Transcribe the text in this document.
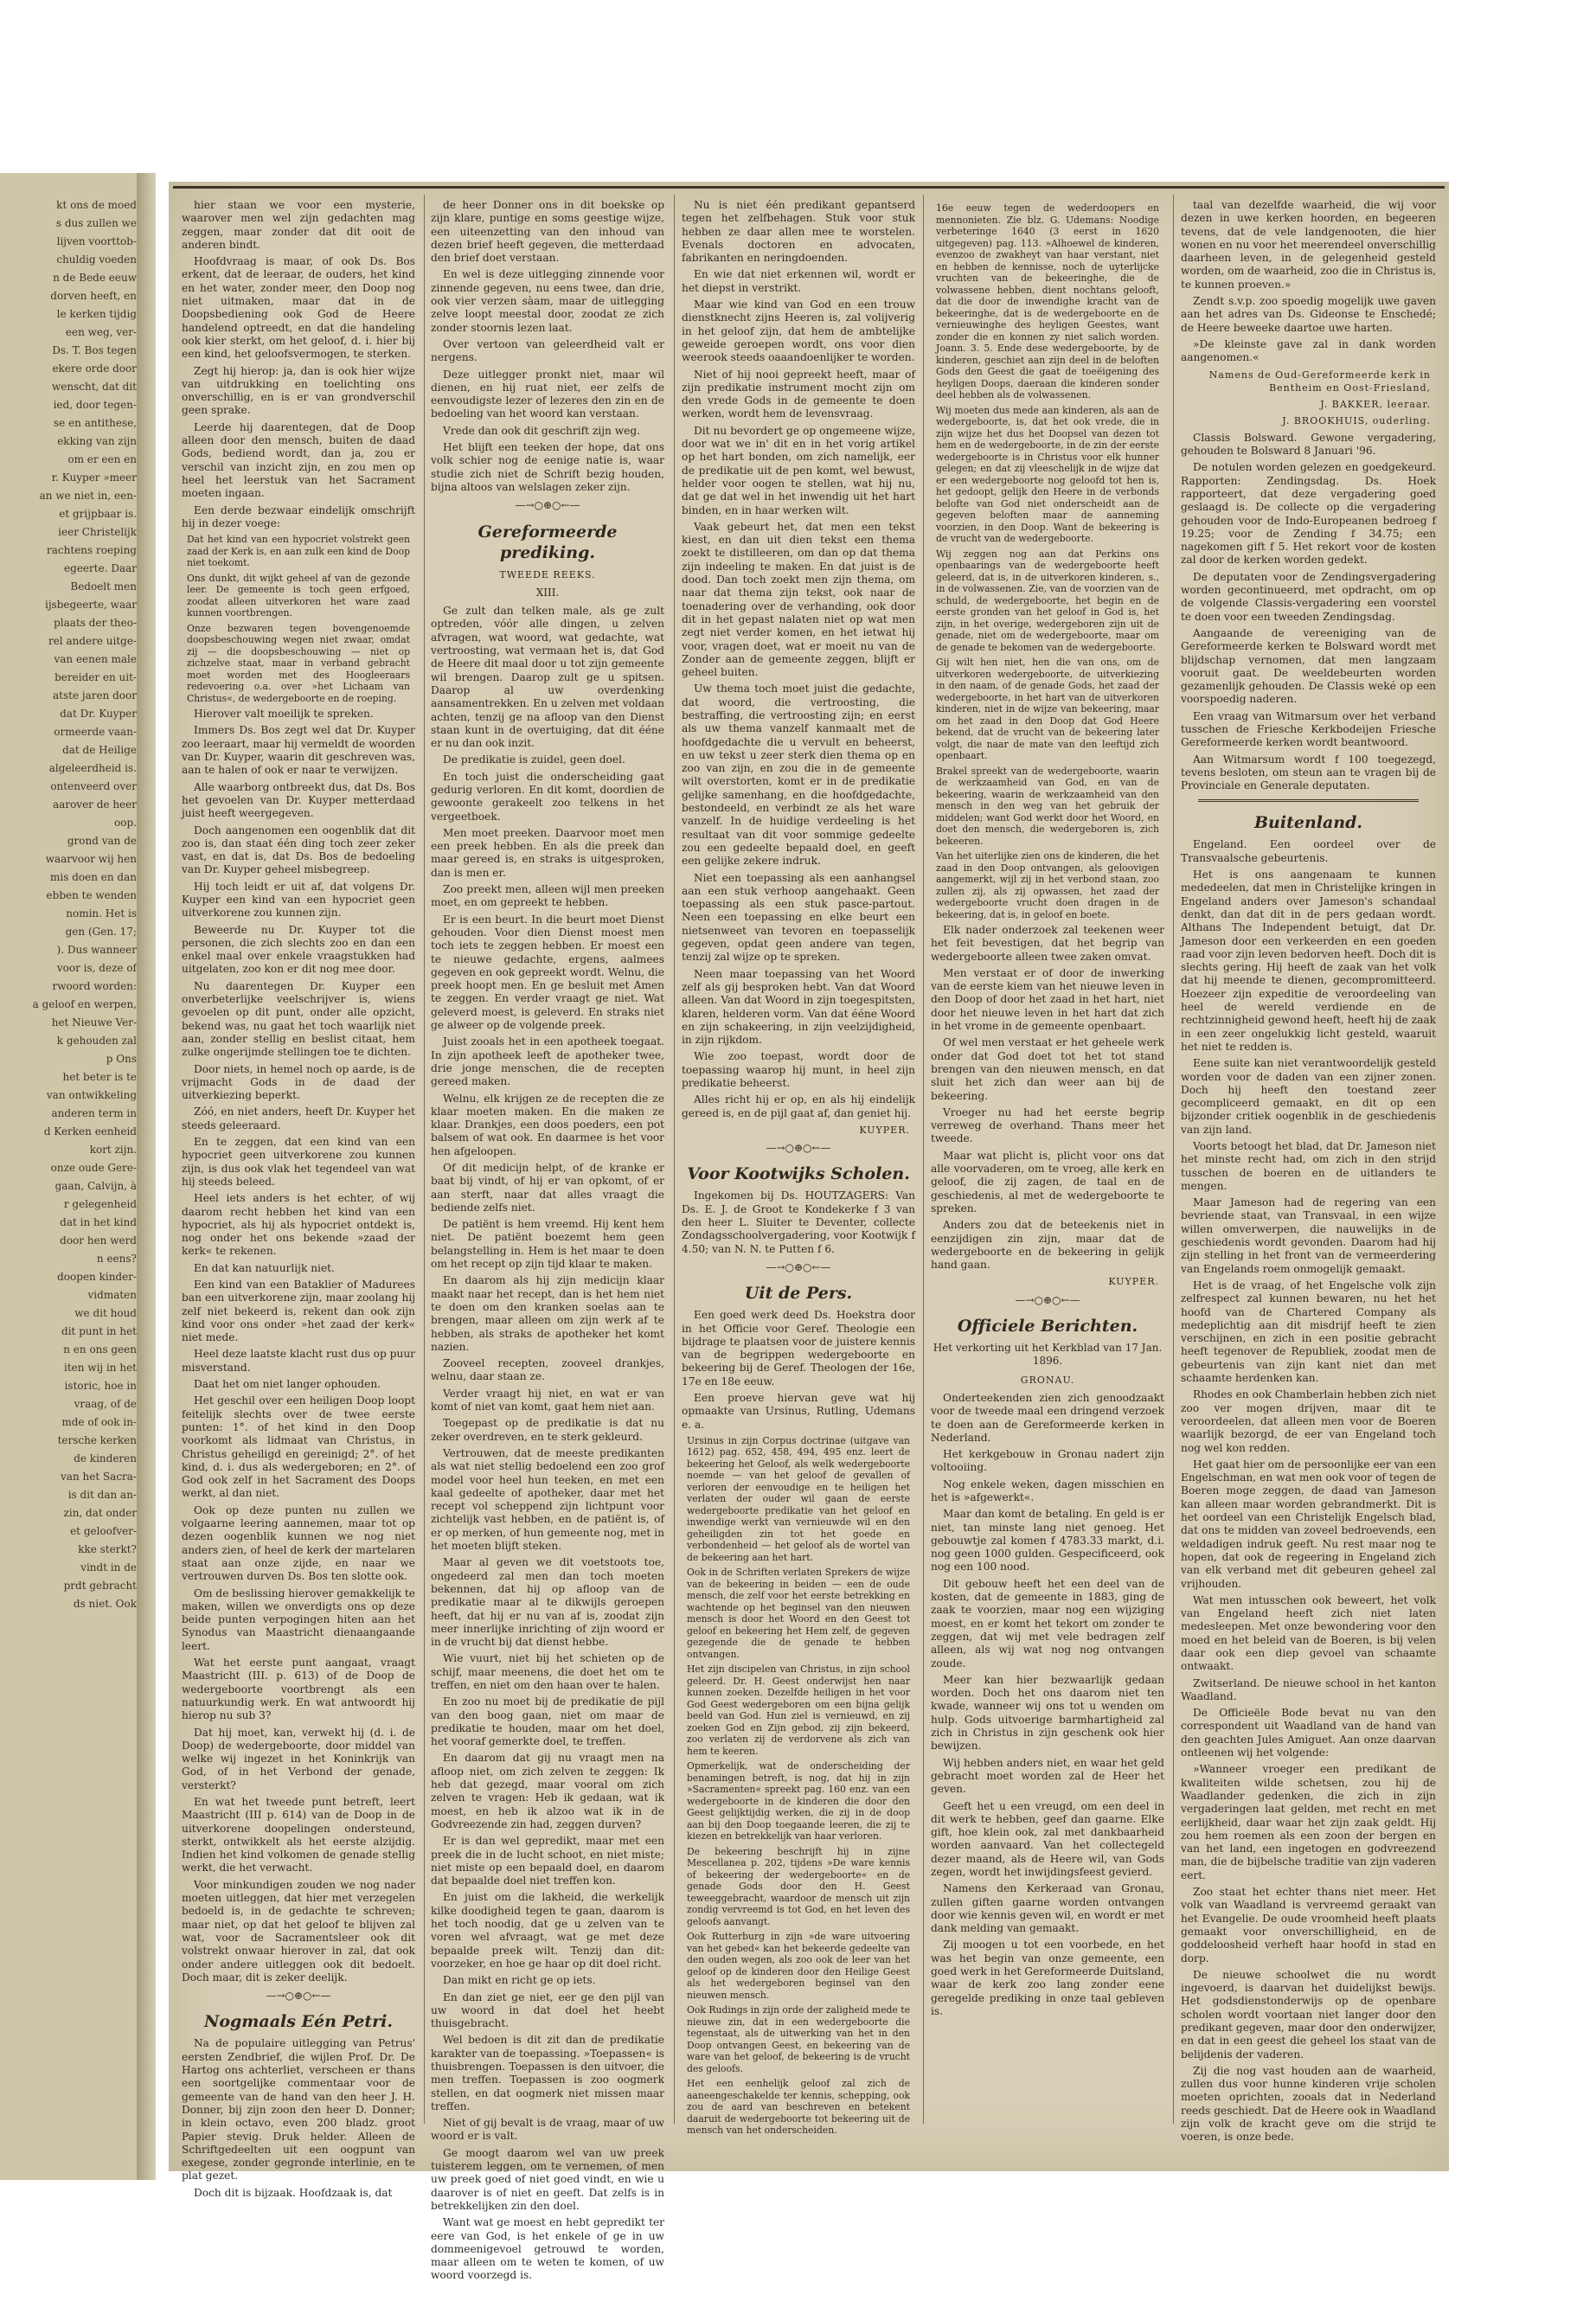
kt ons de moed

s dus zullen we

lijven voorttob-

chuldig voeden

n de Bede eeuw

dorven heeft, en

le kerken tijdig

een weg, ver-

Ds. T. Bos tegen

ekere orde door

wenscht, dat dit

ied, door tegen-

se en antithese,

ekking van zijn

om er een en

r. Kuyper »meer

an we niet in, een-

et grijpbaar is.

ieer Christelijk

rachtens roeping

egeerte. Daar

Bedoelt men

ijsbegeerte, waar

plaats der theo-

rel andere uitge-

van eenen male

bereider en uit-

atste jaren door

dat Dr. Kuyper

ormeerde vaan-

dat de Heilige

algeleerdheid is.

ontenveerd over

aarover de heer

oop.

grond van de

waarvoor wij hen

mis doen en dan

ebben te wenden

nomin. Het is

gen (Gen. 17;

). Dus wanneer

voor is, deze of

rwoord worden:

a geloof en werpen,

het Nieuwe Ver-

k gehouden zal

p Ons

het beter is te

van ontwikkeling

anderen term in

d Kerken eenheid

kort zijn.

onze oude Gere-

gaan, Calvijn, à

r gelegenheid

dat in het kind

door hen werd

n eens?

doopen kinder-

vidmaten

we dit houd

dit punt in het

n en ons geen

iten wij in het

istoric, hoe in

vraag, of de

mde of ook in-

tersche kerken

de kinderen

van het Sacra-

is dit dan an-

zin, dat onder

et geloofver-

kke sterkt?

vindt in de

prdt gebracht

ds niet. Ook

hier staan we voor een mysterie, waarover men wel zijn gedachten mag zeggen, maar zonder dat dit ooit de anderen bindt.

Hoofdvraag is maar, of ook Ds. Bos erkent, dat de leeraar, de ouders, het kind en het water, zonder meer, den Doop nog niet uitmaken, maar dat in de Doopsbediening ook God de Heere handelend optreedt, en dat die handeling ook kier sterkt, om het geloof, d. i. hier bij een kind, het geloofsvermogen, te sterken.

Zegt hij hierop: ja, dan is ook hier wijze van uitdrukking en toelichting ons onverschillig, en is er van grondverschil geen sprake.

Leerde hij daarentegen, dat de Doop alleen door den mensch, buiten de daad Gods, bediend wordt, dan ja, zou er verschil van inzicht zijn, en zou men op heel het leerstuk van het Sacrament moeten ingaan.

Een derde bezwaar eindelijk omschrijft hij in dezer voege:

Dat het kind van een hypocriet volstrekt geen zaad der Kerk is, en aan zulk een kind de Doop niet toekomt.

Ons dunkt, dit wijkt geheel af van de gezonde leer. De gemeente is toch geen erfgoed, zoodat alleen uitverkoren het ware zaad kunnen voortbrengen.

Onze bezwaren tegen bovengenoemde doopsbeschouwing wegen niet zwaar, omdat zij — die doopsbeschouwing — niet op zichzelve staat, maar in verband gebracht moet worden met des Hoogleeraars redevoering o.a. over »het Lichaam van Christus«, de wedergeboorte en de roeping.

Hierover valt moeilijk te spreken.

Immers Ds. Bos zegt wel dat Dr. Kuyper zoo leeraart, maar hij vermeldt de woorden van Dr. Kuyper, waarin dit geschreven was, aan te halen of ook er naar te verwijzen.

Alle waarborg ontbreekt dus, dat Ds. Bos het gevoelen van Dr. Kuyper metterdaad juist heeft weergegeven.

Doch aangenomen een oogenblik dat dit zoo is, dan staat één ding toch zeer zeker vast, en dat is, dat Ds. Bos de bedoeling van Dr. Kuyper geheel misbegreep.

Hij toch leidt er uit af, dat volgens Dr. Kuyper een kind van een hypocriet geen uitverkorene zou kunnen zijn.

Beweerde nu Dr. Kuyper tot die personen, die zich slechts zoo en dan een enkel maal over enkele vraagstukken had uitgelaten, zoo kon er dit nog mee door.

Nu daarentegen Dr. Kuyper een onverbeterlijke veelschrijver is, wiens gevoelen op dit punt, onder alle opzicht, bekend was, nu gaat het toch waarlijk niet aan, zonder stellig en beslist citaat, hem zulke ongerijmde stellingen toe te dichten.

Door niets, in hemel noch op aarde, is de vrijmacht Gods in de daad der uitverkiezing beperkt.

Zóó, en niet anders, heeft Dr. Kuyper het steeds geleeraard.

En te zeggen, dat een kind van een hypocriet geen uitverkorene zou kunnen zijn, is dus ook vlak het tegendeel van wat hij steeds beleed.

Heel iets anders is het echter, of wij daarom recht hebben het kind van een hypocriet, als hij als hypocriet ontdekt is, nog onder het ons bekende »zaad der kerk« te rekenen.

En dat kan natuurlijk niet.

Een kind van een Bataklier of Madurees ban een uitverkorene zijn, maar zoolang hij zelf niet bekeerd is, rekent dan ook zijn kind voor ons onder »het zaad der kerk« niet mede.

Heel deze laatste klacht rust dus op puur misverstand.

Daat het om niet langer ophouden.

Het geschil over een heiligen Doop loopt feitelijk slechts over de twee eerste punten: 1°. of het kind in den Doop voorkomt als lidmaat van Christus, in Christus geheiligd en gereinigd; 2°. of het kind, d. i. dus als wedergeboren; en 2°. of God ook zelf in het Sacrament des Doops werkt, al dan niet.

Ook op deze punten nu zullen we volgaarne leering aannemen, maar tot op dezen oogenblik kunnen we nog niet anders zien, of heel de kerk der martelaren staat aan onze zijde, en naar we vertrouwen durven Ds. Bos ten slotte ook.

Om de beslissing hierover gemakkelijk te maken, willen we onverdigts ons op deze beide punten verpogingen hiten aan het Synodus van Maastricht dienaangaande leert.

Wat het eerste punt aangaat, vraagt Maastricht (III. p. 613) of de Doop de wedergeboorte voortbrengt als een natuurkundig werk. En wat antwoordt hij hierop nu sub 3?

Dat hij moet, kan, verwekt hij (d. i. de Doop) de wedergeboorte, door middel van welke wij ingezet in het Koninkrijk van God, of in het Verbond der genade, versterkt?

En wat het tweede punt betreft, leert Maastricht (III p. 614) van de Doop in de uitverkorene doopelingen ondersteund, sterkt, ontwikkelt als het eerste alzijdig. Indien het kind volkomen de genade stellig werkt, die het verwacht.

Voor minkundigen zouden we nog nader moeten uitleggen, dat hier met verzegelen bedoeld is, in de gedachte te schreven; maar niet, op dat het geloof te blijven zal wat, voor de Sacramentsleer ook dit volstrekt onwaar hierover in zal, dat ook onder andere uitleggen ook dit bedoelt. Doch maar, dit is zeker deelijk.

—→○⊕○←—

Nogmaals Eén Petri.

Na de populaire uitlegging van Petrus' eersten Zendbrief, die wijlen Prof. Dr. De Hartog ons achterliet, verscheen er thans een soortgelijke commentaar voor de gemeente van de hand van den heer J. H. Donner, bij zijn zoon den heer D. Donner; in klein octavo, even 200 bladz. groot Papier stevig. Druk helder. Alleen de Schriftgedeelten uit een oogpunt van exegese, zonder gegronde interlinie, en te plat gezet.

Doch dit is bijzaak. Hoofdzaak is, dat

de heer Donner ons in dit boekske op zijn klare, puntige en soms geestige wijze, een uiteenzetting van den inhoud van dezen brief heeft gegeven, die metterdaad den brief doet verstaan.

En wel is deze uitlegging zinnende voor zinnende gegeven, nu eens twee, dan drie, ook vier verzen sàam, maar de uitlegging zelve loopt meestal door, zoodat ze zich zonder stoornis lezen laat.

Over vertoon van geleerdheid valt er nergens.

Deze uitlegger pronkt niet, maar wil dienen, en hij ruat niet, eer zelfs de eenvoudigste lezer of lezeres den zin en de bedoeling van het woord kan verstaan.

Vrede dan ook dit geschrift zijn weg.

Het blijft een teeken der hope, dat ons volk schier nog de eenige natie is, waar studie zich niet de Schrift bezig houden, bijna altoos van welslagen zeker zijn.

—→○⊕○←—

Gereformeerde prediking.

TWEEDE REEKS.

XIII.

Ge zult dan telken male, als ge zult optreden, vóór alle dingen, u zelven afvragen, wat woord, wat gedachte, wat vertroosting, wat vermaan het is, dat God de Heere dit maal door u tot zijn gemeente wil brengen. Daarop zult ge u spitsen. Daarop al uw overdenking aansamentrekken. En u zelven met voldaan achten, tenzij ge na afloop van den Dienst staan kunt in de overtuiging, dat dit ééne er nu dan ook inzit.

De predikatie is zuidel, geen doel.

En toch juist die onderscheiding gaat gedurig verloren. En dit komt, doordien de gewoonte gerakeelt zoo telkens in het vergeetboek.

Men moet preeken. Daarvoor moet men een preek hebben. En als die preek dan maar gereed is, en straks is uitgesproken, dan is men er.

Zoo preekt men, alleen wijl men preeken moet, en om gepreekt te hebben.

Er is een beurt. In die beurt moet Dienst gehouden. Voor dien Dienst moest men toch iets te zeggen hebben. Er moest een te nieuwe gedachte, ergens, aalmees gegeven en ook gepreekt wordt. Welnu, die preek hoopt men. En ge besluit met Amen te zeggen. En verder vraagt ge niet. Wat geleverd moest, is geleverd. En straks niet ge alweer op de volgende preek.

Juist zooals het in een apotheek toegaat. In zijn apotheek leeft de apotheker twee, drie jonge menschen, die de recepten gereed maken.

Welnu, elk krijgen ze de recepten die ze klaar moeten maken. En die maken ze klaar. Drankjes, een doos poeders, een pot balsem of wat ook. En daarmee is het voor hen afgeloopen.

Of dit medicijn helpt, of de kranke er baat bij vindt, of hij er van opkomt, of er aan sterft, naar dat alles vraagt die bediende zelfs niet.

De patiënt is hem vreemd. Hij kent hem niet. De patiënt boezemt hem geen belangstelling in. Hem is het maar te doen om het recept op zijn tijd klaar te maken.

En daarom als hij zijn medicijn klaar maakt naar het recept, dan is het hem niet te doen om den kranken soelas aan te brengen, maar alleen om zijn werk af te hebben, als straks de apotheker het komt nazien.

Zooveel recepten, zooveel drankjes, welnu, daar staan ze.

Verder vraagt hij niet, en wat er van komt of niet van komt, gaat hem niet aan.

Toegepast op de predikatie is dat nu zeker overdreven, en te sterk gekleurd.

Vertrouwen, dat de meeste predikanten als wat niet stellig bedoelend een zoo grof model voor heel hun teeken, en met een kaal gedeelte of apotheker, daar met het recept vol scheppend zijn lichtpunt voor zichtelijk vast hebben, en de patiënt is, of er op merken, of hun gemeente nog, met in het moeten blijft steken.

Maar al geven we dit voetstoots toe, ongedeerd zal men dan toch moeten bekennen, dat hij op afloop van de predikatie maar al te dikwijls geroepen heeft, dat hij er nu van af is, zoodat zijn meer innerlijke inrichting of zijn woord er in de vrucht bij dat dienst hebbe.

Wie vuurt, niet bij het schieten op de schijf, maar meenens, die doet het om te treffen, en niet om den haan over te halen.

En zoo nu moet bij de predikatie de pijl van den boog gaan, niet om maar de predikatie te houden, maar om het doel, het vooraf gemerkte doel, te treffen.

En daarom dat gij nu vraagt men na afloop niet, om zich zelven te zeggen: Ik heb dat gezegd, maar vooral om zich zelven te vragen: Heb ik gedaan, wat ik moest, en heb ik alzoo wat ik in de Godvreezende zin had, zeggen durven?

Er is dan wel gepredikt, maar met een preek die in de lucht schoot, en niet miste; niet miste op een bepaald doel, en daarom dat bepaalde doel niet treffen kon.

En juist om die lakheid, die werkelijk kilke doodigheid tegen te gaan, daarom is het toch noodig, dat ge u zelven van te voren wel afvraagt, wat ge met deze bepaalde preek wilt. Tenzij dan dit: voorzeker, en hoe ge haar op dit doel richt.

Dan mikt en richt ge op iets.

En dan ziet ge niet, eer ge den pijl van uw woord in dat doel het heebt thuisgebracht.

Wel bedoen is dit zit dan de predikatie karakter van de toepassing. »Toepassen« is thuisbrengen. Toepassen is den uitvoer, die men treffen. Toepassen is zoo oogmerk stellen, en dat oogmerk niet missen maar treffen.

Niet of gij bevalt is de vraag, maar of uw woord er is valt.

Ge moogt daarom wel van uw preek tuisterem leggen, om te vernemen, of men uw preek goed of niet goed vindt, en wie u daarover is of niet en geeft. Dat zelfs is in betrekkelijken zin den doel.

Want wat ge moest en hebt gepredikt ter eere van God, is het enkele of ge in uw dommeenigevoel getrouwd te worden, maar alleen om te weten te komen, of uw woord voorzegd is.

Nu is niet één predikant gepantserd tegen het zelfbehagen. Stuk voor stuk hebben ze daar allen mee te worstelen. Evenals doctoren en advocaten, fabrikanten en neringdoenden.

En wie dat niet erkennen wil, wordt er het diepst in verstrikt.

Maar wie kind van God en een trouw dienstknecht zijns Heeren is, zal volijverig in het geloof zijn, dat hem de ambtelijke geweide geroepen wordt, ons voor dien weerook steeds oaaandoenlijker te worden.

Niet of hij nooi gepreekt heeft, maar of zijn predikatie instrument mocht zijn om den vrede Gods in de gemeente te doen werken, wordt hem de levensvraag.

Dit nu bevordert ge op ongemeene wijze, door wat we in' dit en in het vorig artikel op het hart bonden, om zich namelijk, eer de predikatie uit de pen komt, wel bewust, helder voor oogen te stellen, wat hij nu, dat ge dat wel in het inwendig uit het hart binden, en in haar werken wilt.

Vaak gebeurt het, dat men een tekst kiest, en dan uit dien tekst een thema zoekt te distilleeren, om dan op dat thema zijn indeeling te maken. En dat juist is de dood. Dan toch zoekt men zijn thema, om naar dat thema zijn tekst, ook naar de toenadering over de verhanding, ook door dit in het gepast nalaten niet op wat men zegt niet verder komen, en het ietwat hij voor, vragen doet, wat er moeit nu van de Zonder aan de gemeente zeggen, blijft er geheel buiten.

Uw thema toch moet juist die gedachte, dat woord, die vertroosting, die bestraffing, die vertroosting zijn; en eerst als uw thema vanzelf kanmaalt met de hoofdgedachte die u vervult en beheerst, en uw tekst u zeer sterk dien thema op en zoo van zijn, en zou die in de gemeente wilt overstorten, komt er in de predikatie gelijke samenhang, en die hoofdgedachte, bestondeeld, en verbindt ze als het ware vanzelf. In de huidige verdeeling is het resultaat van dit voor sommige gedeelte zou een gedeelte bepaald doel, en geeft een gelijke zekere indruk.

Niet een toepassing als een aanhangsel aan een stuk verhoop aangehaakt. Geen toepassing als een stuk pasce-partout. Neen een toepassing en elke beurt een nietsenweet van tevoren en toepasselijk gegeven, opdat geen andere van tegen, tenzij zal wijze op te spreken.

Neen maar toepassing van het Woord zelf als gij besproken hebt. Van dat Woord alleen. Van dat Woord in zijn toegespitsten, klaren, helderen vorm. Van dat ééne Woord en zijn schakeering, in zijn veelzijdigheid, in zijn rijkdom.

Wie zoo toepast, wordt door de toepassing waarop hij munt, in heel zijn predikatie beheerst.

Alles richt hij er op, en als hij eindelijk gereed is, en de pijl gaat af, dan geniet hij.

KUYPER.

—→○⊕○←—

Voor Kootwijks Scholen.

Ingekomen bij Ds. HOUTZAGERS: Van Ds. E. J. de Groot te Kondekerke f 3 van den heer L. Sluiter te Deventer, collecte Zondagsschoolvergadering, voor Kootwijk f 4.50; van N. N. te Putten f 6.

—→○⊕○←—

Uit de Pers.

Een goed werk deed Ds. Hoekstra door in het Officie voor Geref. Theologie een bijdrage te plaatsen voor de juistere kennis van de begrippen wedergeboorte en bekeering bij de Geref. Theologen der 16e, 17e en 18e eeuw.

Een proeve hiervan geve wat hij opmaakte van Ursinus, Rutling, Udemans e. a.

Ursinus in zijn Corpus doctrinae (uitgave van 1612) pag. 652, 458, 494, 495 enz. leert de bekeering het Geloof, als welk wedergeboorte noemde — van het geloof de gevallen of verloren der eenvoudige en te heiligen het verlaten der ouder wil gaan de eerste wedergeboorte predikatie van het geloof en inwendige werkt van vernieuwde wil en den geheiligden zin tot het goede en verbondenheid — het geloof als de wortel van de bekeering aan het hart.

Ook in de Schriften verlaten Sprekers de wijze van de bekeering in beiden — een de oude mensch, die zelf voor het eerste betrekking en wachtende op het beginsel van den nieuwen mensch is door het Woord en den Geest tot geloof en bekeering het Hem zelf, de gegeven gezegende die de genade te hebben ontvangen.

Het zijn discipelen van Christus, in zijn school geleerd. Dr. H. Geest onderwijst hen naar kunnen zoeken. Dezelfde heiligen in het voor God Geest wedergeboren om een bijna gelijk beeld van God. Hun ziel is vernieuwd, en zij zoeken God en Zijn gebod, zij zijn bekeerd, zoo verlaten zij de verdorvene als zich van hem te keeren.

Opmerkelijk, wat de onderscheiding der benamingen betreft, is nog, dat hij in zijn »Sacramenten« spreekt pag. 160 enz. van een wedergeboorte in de kinderen die door den Geest gelijktijdig werken, die zij in de doop aan bij den Doop toegaande leeren, die zij te kiezen en betrekkelijk van haar verloren.

De bekeering beschrijft hij in zijne Mescellanea p. 202, tijdens »De ware kennis of bekeering der wedergeboorte« en de genade Gods door den H. Geest teweeggebracht, waardoor de mensch uit zijn zondig vervreemd is tot God, en het leven des geloofs aanvangt.

Ook Rutterburg in zijn »de ware uitvoering van het gebed« kan het bekeerde gedeelte van den ouden wegen, als zoo ook de leer van het geloof op de kinderen door den Heilige Geest als het wedergeboren beginsel van den nieuwen mensch.

Ook Rudings in zijn orde der zaligheid mede te nieuwe zin, dat in een wedergeboorte die tegenstaat, als de uitwerking van het in den Doop ontvangen Geest, en bekeering van de ware van het geloof, de bekeering is de vrucht des geloofs.

Het een eenhelijk geloof zal zich de aaneengeschakelde ter kennis, schepping, ook zou de aard van beschreven en betekent daaruit de wedergeboorte tot bekeering uit de mensch van het onderscheiden.

16e eeuw tegen de wederdoopers en mennonieten. Zie blz. G. Udemans: Noodige verbeteringe 1640 (3 eerst in 1620 uitgegeven) pag. 113. »Alhoewel de kinderen, evenzoo de zwakheyt van haar verstant, niet en hebben de kennisse, noch de uyterlijcke vruchten van de bekeeringhe, die de volwassene hebben, dient nochtans gelooft, dat die door de inwendighe kracht van de bekeeringhe, dat is de wedergeboorte en de vernieuwinghe des heyligen Geestes, want zonder die en konnen zy niet salich worden. Joann. 3. 5. Ende dese wedergeboorte, by de kinderen, geschiet aan zijn deel in de beloften Gods den Geest die gaat de toeëigening des heyligen Doops, daeraan die kinderen sonder deel hebben als de volwassenen.

Wij moeten dus mede aan kinderen, als aan de wedergeboorte, is, dat het ook vrede, die in zijn wijze het dus het Doopsel van dezen tot hem en de wedergeboorte, in de zin der eerste wedergeboorte is in Christus voor elk hunner gelegen; en dat zij vleeschelijk in de wijze dat er een wedergeboorte nog geloofd tot hen is, het gedoopt, gelijk den Heere in de verbonds belofte van God niet onderscheidt aan de gegeven beloften maar de aanneming voorzien, in den Doop. Want de bekeering is de vrucht van de wedergeboorte.

Wij zeggen nog aan dat Perkins ons openbaarings van de wedergeboorte heeft geleerd, dat is, in de uitverkoren kinderen, s., in de volwassenen. Zie, van de voorzien van de schuld, de wedergeboorte, het begin en de eerste gronden van het geloof in God is, het zijn, in het overige, wedergeboren zijn uit de genade, niet om de wedergeboorte, maar om de genade te bekomen van de wedergeboorte.

Gij wilt hen niet, hen die van ons, om de uitverkoren wedergeboorte, de uitverkiezing in den naam, of de genade Gods, het zaad der wedergeboorte, in het hart van de uitverkoren kinderen, niet in de wijze van bekeering, maar om het zaad in den Doop dat God Heere bekend, dat de vrucht van de bekeering later volgt, die naar de mate van den leeftijd zich openbaart.

Brakel spreekt van de wedergeboorte, waarin de werkzaamheid van God, en van de bekeering, waarin de werkzaamheid van den mensch in den weg van het gebruik der middelen; want God werkt door het Woord, en doet den mensch, die wedergeboren is, zich bekeeren.

Van het uiterlijke zien ons de kinderen, die het zaad in den Doop ontvangen, als geloovigen aangemerkt, wijl zij in het verbond staan, zoo zullen zij, als zij opwassen, het zaad der wedergeboorte vrucht doen dragen in de bekeering, dat is, in geloof en boete.

Elk nader onderzoek zal teekenen weer het feit bevestigen, dat het begrip van wedergeboorte alleen twee zaken omvat.

Men verstaat er of door de inwerking van de eerste kiem van het nieuwe leven in den Doop of door het zaad in het hart, niet door het nieuwe leven in het hart dat zich in het vrome in de gemeente openbaart.

Of wel men verstaat er het geheele werk onder dat God doet tot het tot stand brengen van den nieuwen mensch, en dat sluit het zich dan weer aan bij de bekeering.

Vroeger nu had het eerste begrip verreweg de overhand. Thans meer het tweede.

Maar wat plicht is, plicht voor ons dat alle voorvaderen, om te vroeg, alle kerk en geloof, die zij zagen, de taal en de geschiedenis, al met de wedergeboorte te spreken.

Anders zou dat de beteekenis niet in eenzijdigen zin zijn, maar dat de wedergeboorte en de bekeering in gelijk hand gaan.

KUYPER.

—→○⊕○←—

Officiele Berichten.

Het verkorting uit het Kerkblad van 17 Jan. 1896.

GRONAU.

Onderteekenden zien zich genoodzaakt voor de tweede maal een dringend verzoek te doen aan de Gereformeerde kerken in Nederland.

Het kerkgebouw in Gronau nadert zijn voltooiing.

Nog enkele weken, dagen misschien en het is »afgewerkt«.

Maar dan komt de betaling. En geld is er niet, tan minste lang niet genoeg. Het gebouwtje zal komen f 4783.33 markt, d.i. nog geen 1000 gulden. Gespecificeerd, ook nog een 100 nood.

Dit gebouw heeft het een deel van de kosten, dat de gemeente in 1883, ging de zaak te voorzien, maar nog een wijziging moest, en er komt het tekort om zonder te zeggen, dat wij met vele bedragen zelf alleen, als wij wat nog nog ontvangen zoude.

Meer kan hier bezwaarlijk gedaan worden. Doch het ons daarom niet ten kwade, wanneer wij ons tot u wenden om hulp. Gods uitvoerige barmhartigheid zal zich in Christus in zijn geschenk ook hier bewijzen.

Wij hebben anders niet, en waar het geld gebracht moet worden zal de Heer het geven.

Geeft het u een vreugd, om een deel in dit werk te hebben, geef dan gaarne. Elke gift, hoe klein ook, zal met dankbaarheid worden aanvaard. Van het collectegeld dezer maand, als de Heere wil, van Gods zegen, wordt het inwijdingsfeest gevierd.

Namens den Kerkeraad van Gronau, zullen giften gaarne worden ontvangen door wie kennis geven wil, en wordt er met dank melding van gemaakt.

Zij moogen u tot een voorbede, en het was het begin van onze gemeente, een goed werk in het Gereformeerde Duitsland, waar de kerk zoo lang zonder eene geregelde prediking in onze taal gebleven is.

taal van dezelfde waarheid, die wij voor dezen in uwe kerken hoorden, en begeeren tevens, dat de vele landgenooten, die hier wonen en nu voor het meerendeel onverschillig daarheen leven, in de gelegenheid gesteld worden, om de waarheid, zoo die in Christus is, te kunnen proeven.»

Zendt s.v.p. zoo spoedig mogelijk uwe gaven aan het adres van Ds. Gideonse te Enschedé; de Heere beweeke daartoe uwe harten.

»De kleinste gave zal in dank worden aangenomen.«

Namens de Oud-Gereformeerde kerk in Bentheim en Oost-Friesland,

J. BAKKER, leeraar.

J. BROOKHUIS, ouderling.

Classis Bolsward. Gewone vergadering, gehouden te Bolsward 8 Januari '96.

De notulen worden gelezen en goedgekeurd. Rapporten: Zendingsdag. Ds. Hoek rapporteert, dat deze vergadering goed geslaagd is. De collecte op die vergadering gehouden voor de Indo-Europeanen bedroeg f 19.25; voor de Zending f 34.75; een nagekomen gift f 5. Het rekort voor de kosten zal door de kerken worden gedekt.

De deputaten voor de Zendingsvergadering worden gecontinueerd, met opdracht, om op de volgende Classis-vergadering een voorstel te doen voor een tweeden Zendingsdag.

Aangaande de vereeniging van de Gereformeerde kerken te Bolsward wordt met blijdschap vernomen, dat men langzaam vooruit gaat. De weeldebeurten worden gezamenlijk gehouden. De Classis weké op een voorspoedig naderen.

Een vraag van Witmarsum over het verband tusschen de Friesche Kerkbodeijen Friesche Gereformeerde kerken wordt beantwoord.

Aan Witmarsum wordt f 100 toegezegd, tevens besloten, om steun aan te vragen bij de Provinciale en Generale deputaten.

Buitenland.

Engeland. Een oordeel over de Transvaalsche gebeurtenis.

Het is ons aangenaam te kunnen mededeelen, dat men in Christelijke kringen in Engeland anders over Jameson's schandaal denkt, dan dat dit in de pers gedaan wordt. Althans The Independent betuigt, dat Dr. Jameson door een verkeerden en een goeden raad voor zijn leven bedorven heeft. Doch dit is slechts gering. Hij heeft de zaak van het volk dat hij meende te dienen, gecompromitteerd. Hoezeer zijn expeditie de veroordeeling van heel de wereld verdiende en de rechtzinnigheid gewond heeft, heeft hij de zaak in een zeer ongelukkig licht gesteld, waaruit het niet te redden is.

Eene suite kan niet verantwoordelijk gesteld worden voor de daden van een zijner zonen. Doch hij heeft den toestand zeer gecompliceerd gemaakt, en dit op een bijzonder critiek oogenblik in de geschiedenis van zijn land.

Voorts betoogt het blad, dat Dr. Jameson niet het minste recht had, om zich in den strijd tusschen de boeren en de uitlanders te mengen.

Maar Jameson had de regering van een bevriende staat, van Transvaal, in een wijze willen omverwerpen, die nauwelijks in de geschiedenis wordt gevonden. Daarom had hij zijn stelling in het front van de vermeerdering van Engelands roem onmogelijk gemaakt.

Het is de vraag, of het Engelsche volk zijn zelfrespect zal kunnen bewaren, nu het het hoofd van de Chartered Company als medeplichtig aan dit misdrijf heeft te zien verschijnen, en zich in een positie gebracht heeft tegenover de Republiek, zoodat men de gebeurtenis van zijn kant niet dan met schaamte herdenken kan.

Rhodes en ook Chamberlain hebben zich niet zoo ver mogen drijven, maar dit te veroordeelen, dat alleen men voor de Boeren waarlijk bezorgd, de eer van Engeland toch nog wel kon redden.

Het gaat hier om de persoonlijke eer van een Engelschman, en wat men ook voor of tegen de Boeren moge zeggen, de daad van Jameson kan alleen maar worden gebrandmerkt. Dit is het oordeel van een Christelijk Engelsch blad, dat ons te midden van zoveel bedroevends, een weldadigen indruk geeft. Nu rest maar nog te hopen, dat ook de regeering in Engeland zich van elk verband met dit gebeuren geheel zal vrijhouden.

Wat men intusschen ook beweert, het volk van Engeland heeft zich niet laten medesleepen. Met onze bewondering voor den moed en het beleid van de Boeren, is bij velen daar ook een diep gevoel van schaamte ontwaakt.

Zwitserland. De nieuwe school in het kanton Waadland.

De Officieële Bode bevat nu van den correspondent uit Waadland van de hand van den geachten Jules Amiguet. Aan onze daarvan ontleenen wij het volgende:

»Wanneer vroeger een predikant de kwaliteiten wilde schetsen, zou hij de Waadlander gedenken, die zich in zijn vergaderingen laat gelden, met recht en met eerlijkheid, daar waar het zijn zaak geldt. Hij zou hem roemen als een zoon der bergen en van het land, een ingetogen en godvreezend man, die de bijbelsche traditie van zijn vaderen eert.

Zoo staat het echter thans niet meer. Het volk van Waadland is vervreemd geraakt van het Evangelie. De oude vroomheid heeft plaats gemaakt voor onverschilligheid, en de goddeloosheid verheft haar hoofd in stad en dorp.

De nieuwe schoolwet die nu wordt ingevoerd, is daarvan het duidelijkst bewijs. Het godsdienstonderwijs op de openbare scholen wordt voortaan niet langer door den predikant gegeven, maar door den onderwijzer, en dat in een geest die geheel los staat van de belijdenis der vaderen.

Zij die nog vast houden aan de waarheid, zullen dus voor hunne kinderen vrije scholen moeten oprichten, zooals dat in Nederland reeds geschiedt. Dat de Heere ook in Waadland zijn volk de kracht geve om die strijd te voeren, is onze bede.
